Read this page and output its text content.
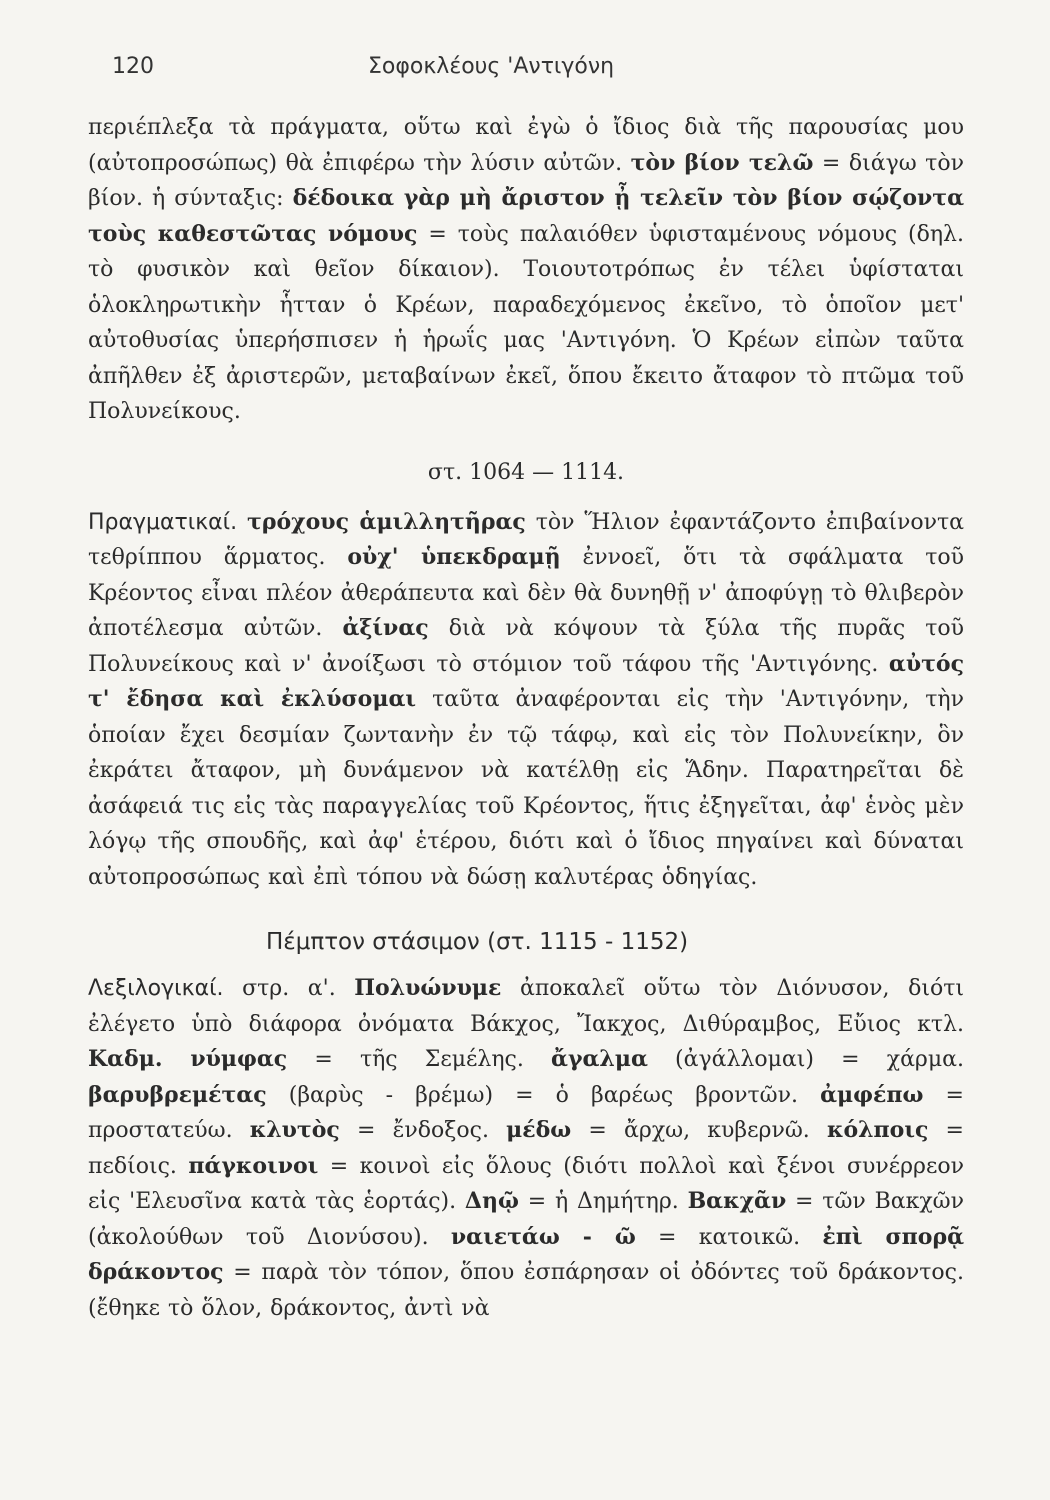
120	Σοφοκλέους 'Αντιγόνη

περιέπλεξα τὰ πράγματα, οὕτω καὶ ἐγὼ ὁ ἴδιος διὰ τῆς παρουσίας μου (αὐτοπροσώπως) θὰ ἐπιφέρω τὴν λύσιν αὐτῶν. τὸν βίον τελῶ = διάγω τὸν βίον. ἡ σύνταξις: δέδοικα γὰρ μὴ ἄριστον ᾖ τελεῖν τὸν βίον σῴζοντα τοὺς καθεστῶτας νόμους = τοὺς παλαιόθεν ὑφισταμένους νόμους (δηλ. τὸ φυσικὸν καὶ θεῖον δίκαιον). Τοιουτοτρόπως ἐν τέλει ὑφίσταται ὁλοκληρωτικὴν ἧτταν ὁ Κρέων, παραδεχόμενος ἐκεῖνο, τὸ ὁποῖον μετ' αὐτοθυσίας ὑπερήσπισεν ἡ ἡρωΐς μας 'Αντιγόνη. Ὁ Κρέων εἰπὼν ταῦτα ἀπῆλθεν ἐξ ἀριστερῶν, μεταβαίνων ἐκεῖ, ὅπου ἔκειτο ἄταφον τὸ πτῶμα τοῦ Πολυνείκους.

στ. 1064 — 1114.

Πραγματικαί. τρόχους ἁμιλλητῆρας τὸν Ἥλιον ἐφαντάζοντο ἐπιβαίνοντα τεθρίππου ἅρματος. οὐχ' ὑπεκδραμῇ ἐννοεῖ, ὅτι τὰ σφάλματα τοῦ Κρέοντος εἶναι πλέον ἀθεράπευτα καὶ δὲν θὰ δυνηθῇ ν' ἀποφύγῃ τὸ θλιβερὸν ἀποτέλεσμα αὐτῶν. ἀξίνας διὰ νὰ κόψουν τὰ ξύλα τῆς πυρᾶς τοῦ Πολυνείκους καὶ ν' ἀνοίξωσι τὸ στόμιον τοῦ τάφου τῆς 'Αντιγόνης. αὐτός τ' ἔδησα καὶ ἐκλύσομαι ταῦτα ἀναφέρονται εἰς τὴν 'Αντιγόνην, τὴν ὁποίαν ἔχει δεσμίαν ζωντανὴν ἐν τῷ τάφῳ, καὶ εἰς τὸν Πολυνείκην, ὃν ἐκράτει ἄταφον, μὴ δυνάμενον νὰ κατέλθῃ εἰς Ἅδην. Παρατηρεῖται δὲ ἀσάφειά τις εἰς τὰς παραγγελίας τοῦ Κρέοντος, ἥτις ἐξηγεῖται, ἀφ' ἑνὸς μὲν λόγῳ τῆς σπουδῆς, καὶ ἀφ' ἑτέρου, διότι καὶ ὁ ἴδιος πηγαίνει καὶ δύναται αὐτοπροσώπως καὶ ἐπὶ τόπου νὰ δώσῃ καλυτέρας ὁδηγίας.

Πέμπτον στάσιμον (στ. 1115 - 1152)

Λεξιλογικαί. στρ. α'. Πολυώνυμε ἀποκαλεῖ οὕτω τὸν Διόνυσον, διότι ἐλέγετο ὑπὸ διάφορα ὀνόματα Βάκχος, Ἴακχος, Διθύραμβος, Εὔιος κτλ. Καδμ. νύμφας = τῆς Σεμέλης. ἄγαλμα (ἀγάλλομαι) = χάρμα. βαρυβρεμέτας (βαρὺς - βρέμω) = ὁ βαρέως βροντῶν. ἀμφέπω = προστατεύω. κλυτὸς = ἔνδοξος. μέδω = ἄρχω, κυβερνῶ. κόλποις = πεδίοις. πάγκοινοι = κοινοὶ εἰς ὅλους (διότι πολλοὶ καὶ ξένοι συνέρρεον εἰς 'Ελευσῖνα κατὰ τὰς ἑορτάς). Δηῷ = ἡ Δημήτηρ. Βακχᾶν = τῶν Βακχῶν (ἀκολούθων τοῦ Διονύσου). ναιετάω - ῶ = κατοικῶ. ἐπὶ σπορᾷ δράκοντος = παρὰ τὸν τόπον, ὅπου ἐσπάρησαν οἱ ὀδόντες τοῦ δράκοντος. (ἔθηκε τὸ ὅλον, δράκοντος, ἀντὶ νὰ
